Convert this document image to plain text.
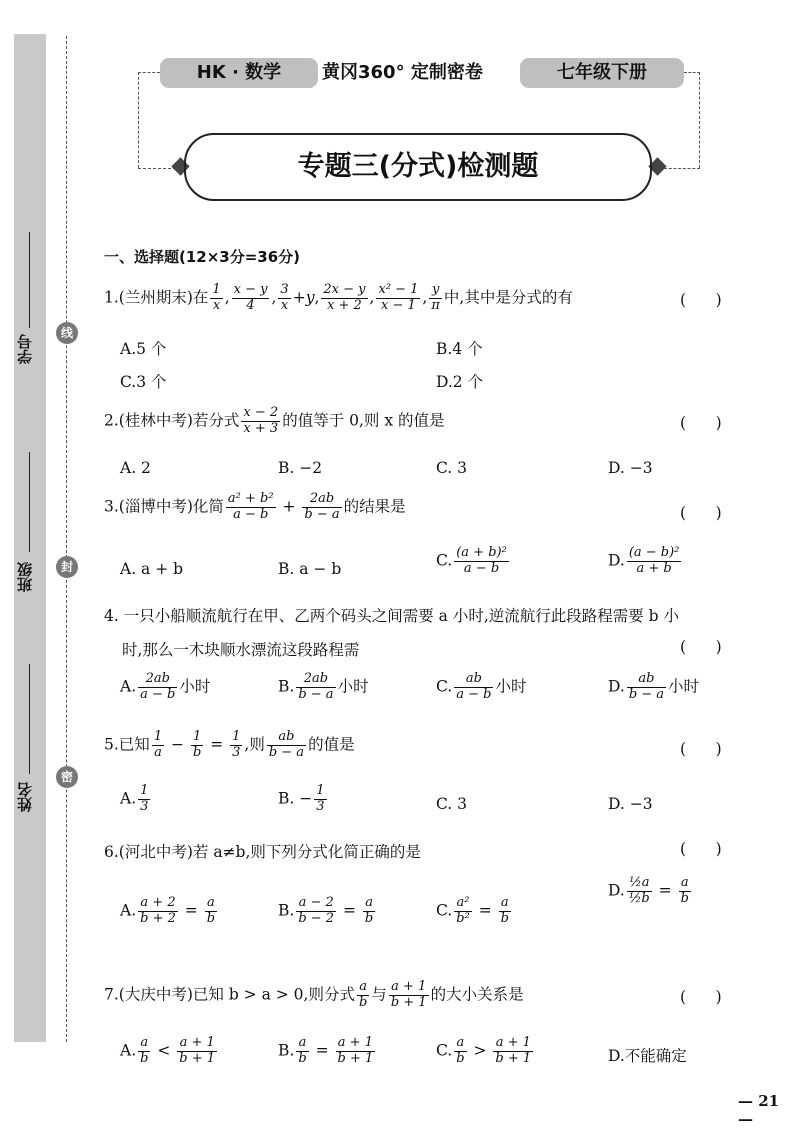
学号
班级
姓名
线
封
密
HK · 数学	黄冈360° 定制密卷	七年级下册
专题三(分式)检测题
一、选择题(12×3分=36分)
1.(兰州期末)在 $\frac{1}{x}$ , $\frac{x - y}{4}$ , $\frac{3}{x} +y$, $\frac{2x - y}{x + 2}$ , $\frac{\text{x² − 1}}{x - 1}$ , $\frac{y}{\pi}$ 中,其中是分式的有	(      )
A.5 个	B.4 个
C.3 个	D.2 个
2.(桂林中考)若分式 $\frac{x - 2}{x + 3}$ 的值等于 0,则 x 的值是	(      )
A. 2	B. −2	C. 3	D. −3
3.(淄博中考)化简 $\frac{\text{a² + b²}}{a - b} + \frac{2ab}{b - a}$ 的结果是	(      )
A. a + b	B. a − b	C. $\frac{\text{(a + b)²}}{a - b}$	D. $\frac{\text{(a − b)²}}{a + b}$
4. 一只小船顺流航行在甲、乙两个码头之间需要 a 小时,逆流航行此段路程需要 b 小
时,那么一木块顺水漂流这段路程需	(      )
A. $\frac{2ab}{a - b}$ 小时	B. $\frac{2ab}{b - a}$ 小时	C. $\frac{ab}{a - b}$ 小时	D. $\frac{ab}{b - a}$ 小时
5.已知 $\frac{1}{a} - \frac{1}{b} = \frac{1}{3}$ ,则 $\frac{ab}{b - a}$ 的值是	(      )
A. $\frac{1}{3}$	B. − $\frac{1}{3}$	C. 3	D. −3
6.(河北中考)若 a≠b,则下列分式化简正确的是	(      )
A. $\frac{a + 2}{b + 2} = \frac{a}{b}$	B. $\frac{a - 2}{b - 2} = \frac{a}{b}$	C. $\frac{\text{a²}}{\text{b²}} = \frac{a}{b}$
D. $\frac{\text{½a}}{\text{½b}} = \frac{a}{b}$
7.(大庆中考)已知 b > a > 0,则分式 $\frac{a}{b}$ 与 $\frac{a + 1}{b + 1}$ 的大小关系是	(      )
A. $\frac{a}{b} < \frac{a + 1}{b + 1}$	B. $\frac{a}{b} = \frac{a + 1}{b + 1}$	C. $\frac{a}{b} > \frac{a + 1}{b + 1}$	D.不能确定
— 21 —
